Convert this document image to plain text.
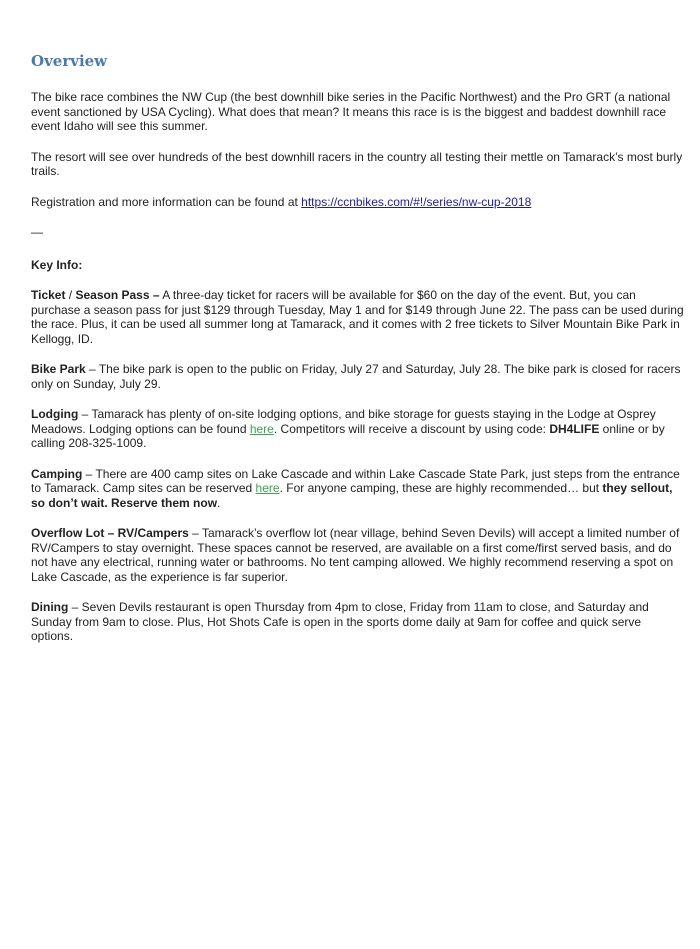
Overview

The bike race combines the NW Cup (the best downhill bike series in the Pacific Northwest) and the Pro GRT (a national event sanctioned by USA Cycling). What does that mean? It means this race is is the biggest and baddest downhill race event Idaho will see this summer.

The resort will see over hundreds of the best downhill racers in the country all testing their mettle on Tamarack’s most burly trails.

Registration and more information can be found at https://ccnbikes.com/#!/series/nw-cup-2018

—

Key Info:

Ticket / Season Pass – A three-day ticket for racers will be available for $60 on the day of the event. But, you can purchase a season pass for just $129 through Tuesday, May 1 and for $149 through June 22. The pass can be used during the race. Plus, it can be used all summer long at Tamarack, and it comes with 2 free tickets to Silver Mountain Bike Park in Kellogg, ID.

Bike Park – The bike park is open to the public on Friday, July 27 and Saturday, July 28. The bike park is closed for racers only on Sunday, July 29.

Lodging – Tamarack has plenty of on-site lodging options, and bike storage for guests staying in the Lodge at Osprey Meadows. Lodging options can be found here. Competitors will receive a discount by using code: DH4LIFE online or by calling 208-325-1009.

Camping – There are 400 camp sites on Lake Cascade and within Lake Cascade State Park, just steps from the entrance to Tamarack. Camp sites can be reserved here. For anyone camping, these are highly recommended… but they sellout, so don’t wait. Reserve them now.

Overflow Lot – RV/Campers – Tamarack’s overflow lot (near village, behind Seven Devils) will accept a limited number of RV/Campers to stay overnight. These spaces cannot be reserved, are available on a first come/first served basis, and do not have any electrical, running water or bathrooms. No tent camping allowed. We highly recommend reserving a spot on Lake Cascade, as the experience is far superior.

Dining – Seven Devils restaurant is open Thursday from 4pm to close, Friday from 11am to close, and Saturday and Sunday from 9am to close. Plus, Hot Shots Cafe is open in the sports dome daily at 9am for coffee and quick serve options.
